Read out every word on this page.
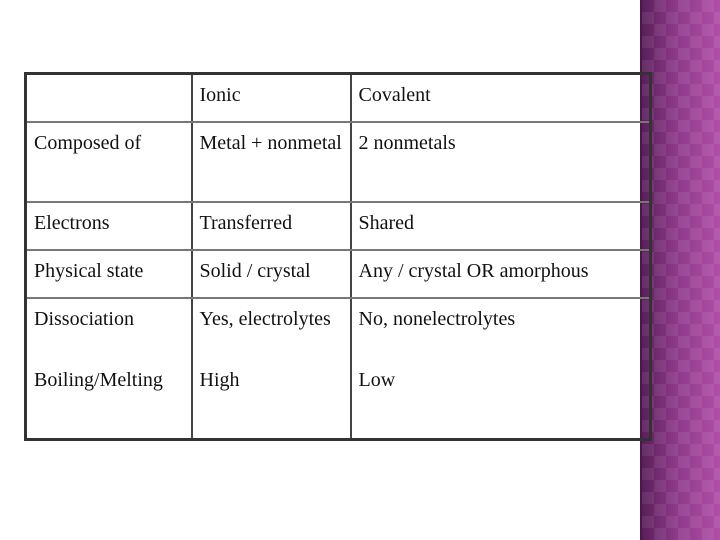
	Ionic	Covalent
Composed of	Metal + nonmetal	2 nonmetals
Electrons	Transferred	Shared
Physical state	Solid / crystal	Any / crystal OR amorphous
Dissociation	Yes, electrolytes	No, nonelectrolytes
Boiling/Melting	High	Low
